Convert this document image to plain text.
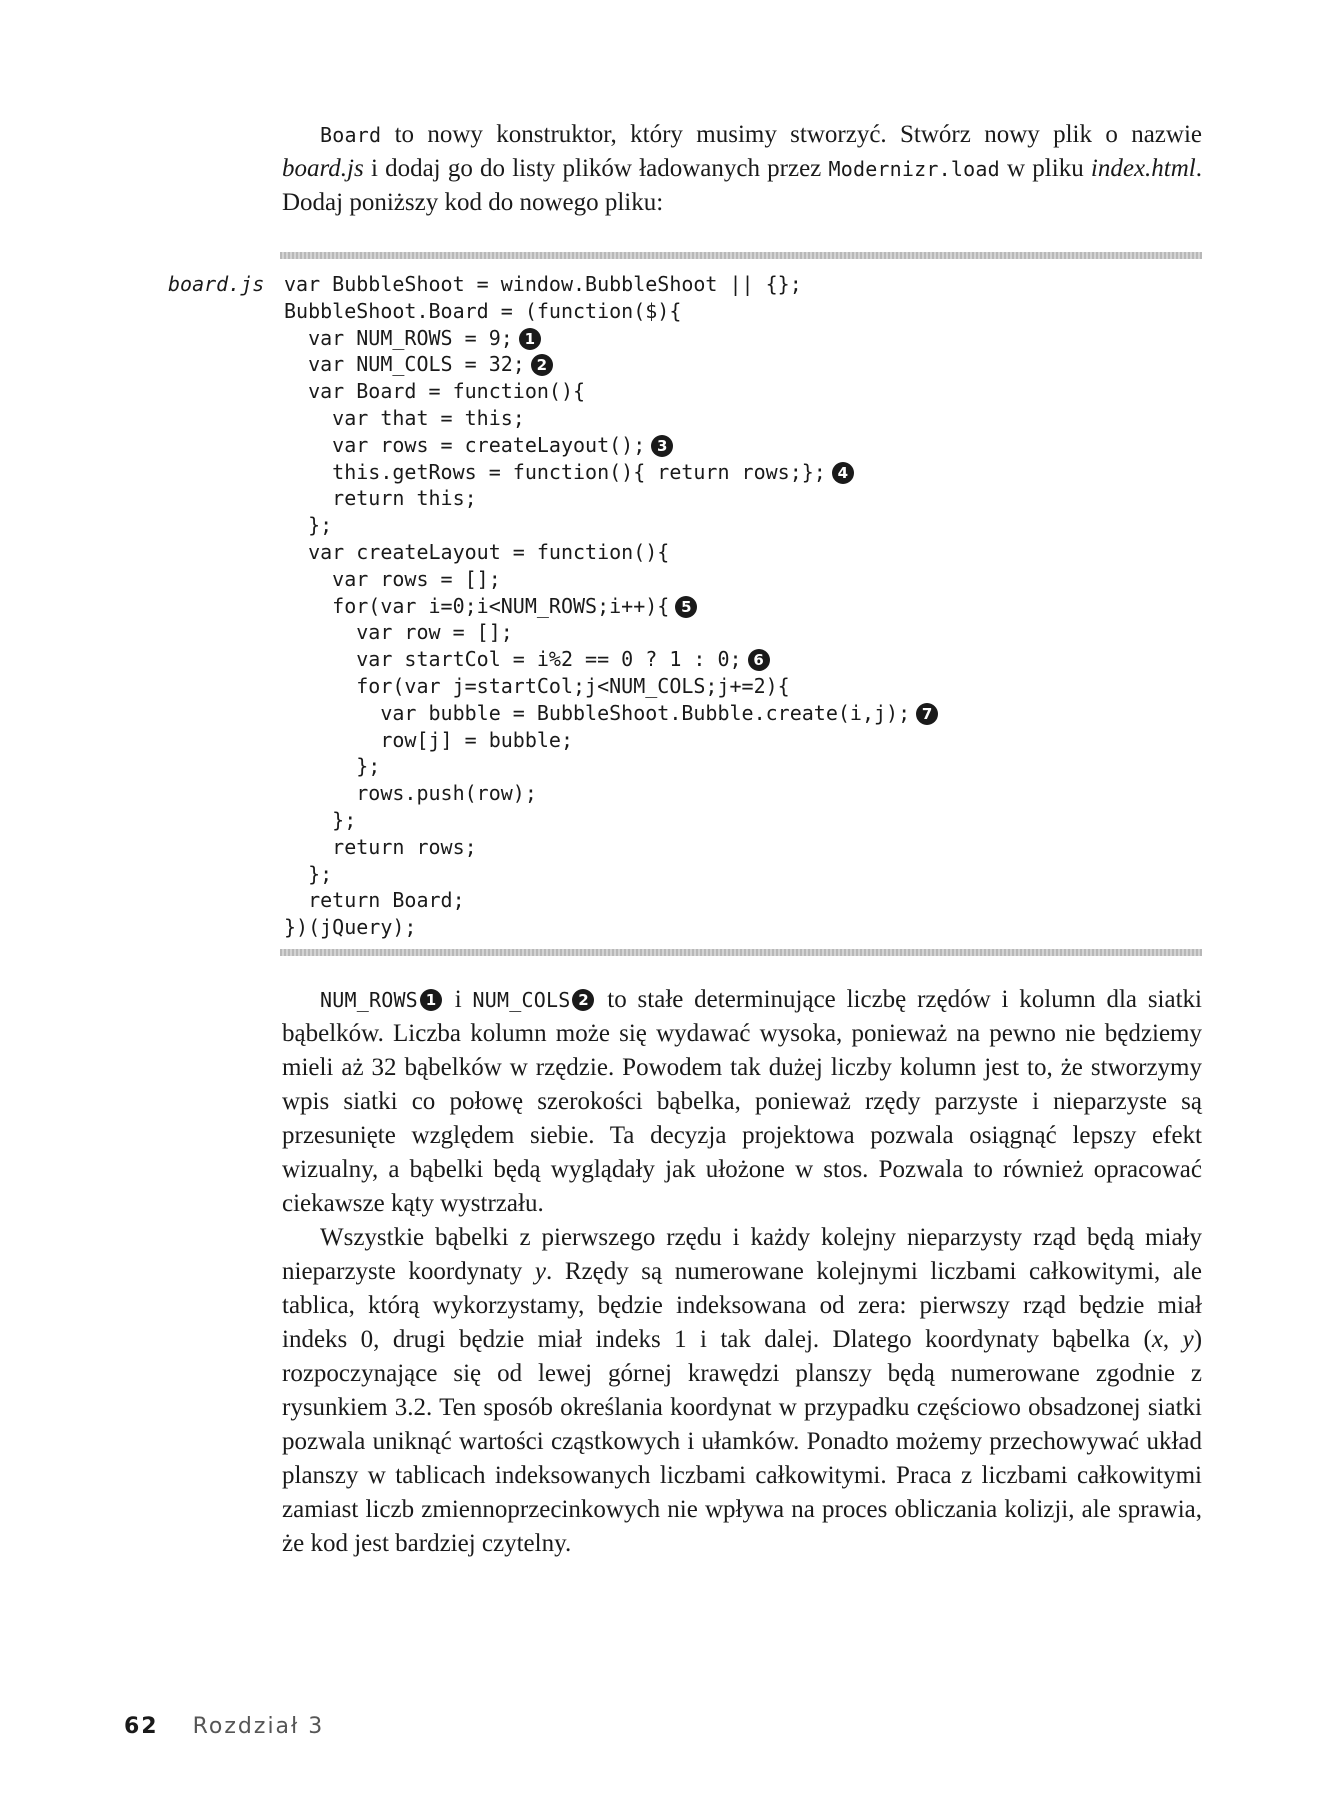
Board to nowy konstruktor, który musimy stworzyć. Stwórz nowy plik o nazwie board.js i dodaj go do listy plików ładowanych przez Modernizr.load w pliku index.html. Dodaj poniższy kod do nowego pliku:

board.js var BubbleShoot = window.BubbleShoot || {};
BubbleShoot.Board = (function($){
var NUM_ROWS = 9; 1
var NUM_COLS = 32; 2
var Board = function(){
var that = this;
var rows = createLayout(); 3
this.getRows = function(){ return rows;}; 4
return this;
};
var createLayout = function(){
var rows = [];
for(var i=0;i<NUM_ROWS;i++){ 5
var row = [];
var startCol = i%2 == 0 ? 1 : 0; 6
for(var j=startCol;j<NUM_COLS;j+=2){
var bubble = BubbleShoot.Bubble.create(i,j); 7
row[j] = bubble;
};
rows.push(row);
};
return rows;
};
return Board;
})(jQuery);

NUM_ROWS 1 i NUM_COLS 2 to stałe determinujące liczbę rzędów i kolumn dla siatki bąbelków. Liczba kolumn może się wydawać wysoka, ponieważ na pewno nie będziemy mieli aż 32 bąbelków w rzędzie. Powodem tak dużej liczby kolumn jest to, że stworzymy wpis siatki co połowę szerokości bąbelka, ponieważ rzędy parzyste i nieparzyste są przesunięte względem siebie. Ta decyzja projektowa pozwala osiągnąć lepszy efekt wizualny, a bąbelki będą wyglądały jak ułożone w stos. Pozwala to również opracować ciekawsze kąty wystrzału.

Wszystkie bąbelki z pierwszego rzędu i każdy kolejny nieparzysty rząd będą miały nieparzyste koordynaty y. Rzędy są numerowane kolejnymi liczbami całkowitymi, ale tablica, którą wykorzystamy, będzie indeksowana od zera: pierwszy rząd będzie miał indeks 0, drugi będzie miał indeks 1 i tak dalej. Dlatego koordynaty bąbelka (x, y) rozpoczynające się od lewej górnej krawędzi planszy będą numerowane zgodnie z rysunkiem 3.2. Ten sposób określania koordynat w przypadku częściowo obsadzonej siatki pozwala uniknąć wartości cząstkowych i ułamków. Ponadto możemy przechowywać układ planszy w tablicach indeksowanych liczbami całkowitymi. Praca z liczbami całkowitymi zamiast liczb zmiennoprzecinkowych nie wpływa na proces obliczania kolizji, ale sprawia, że kod jest bardziej czytelny.

62 Rozdział 3
